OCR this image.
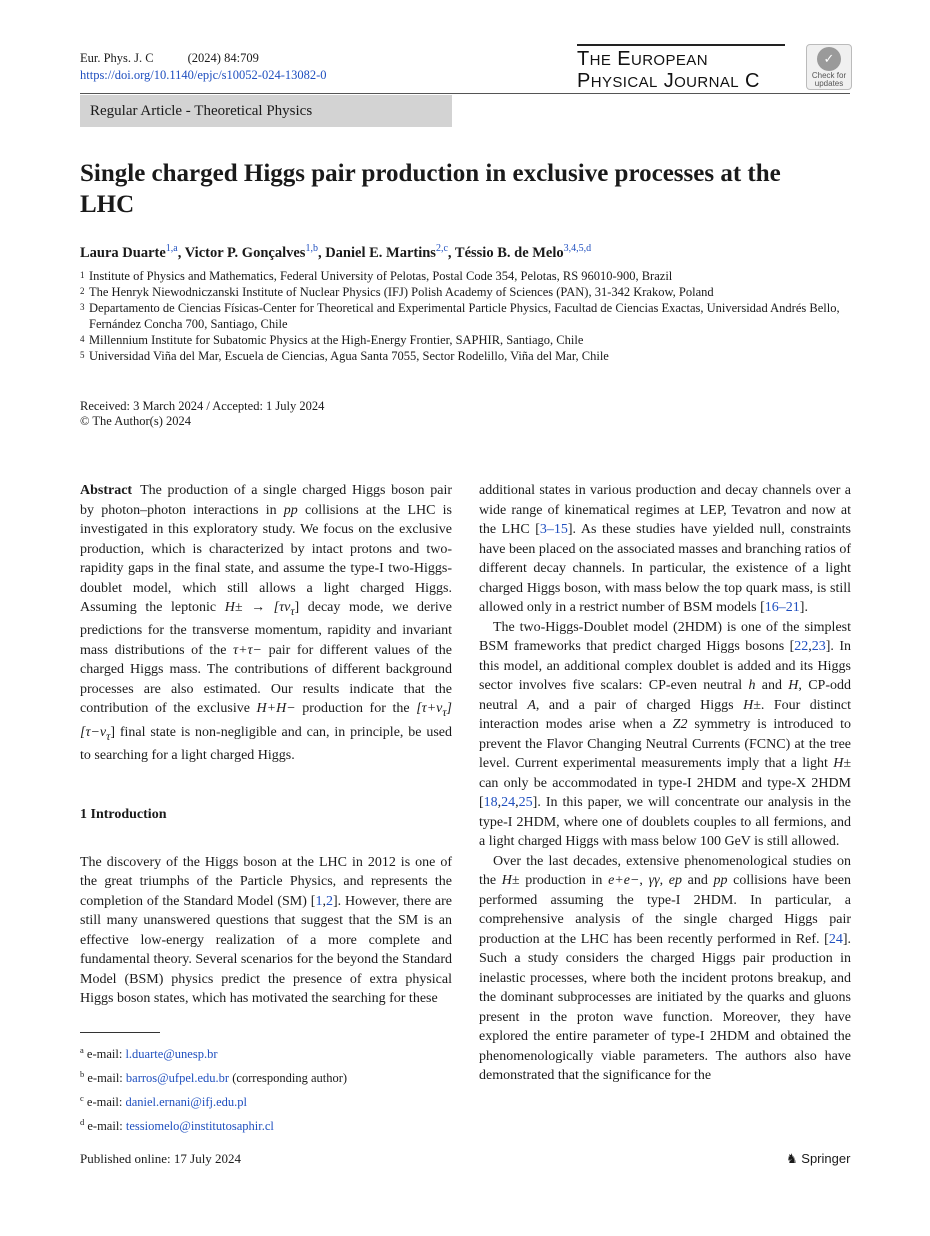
Eur. Phys. J. C	(2024) 84:709
https://doi.org/10.1140/epjc/s10052-024-13082-0
THE EUROPEAN
PHYSICAL JOURNAL C
✓
Check for updates
Regular Article - Theoretical Physics
Single charged Higgs pair production in exclusive processes at the LHC
Laura Duarte$^{1,a}$, Victor P. Gonçalves$^{1,b}$, Daniel E. Martins$^{2,c}$, Téssio B. de Melo$^{3,4,5,d}$
1 Institute of Physics and Mathematics, Federal University of Pelotas, Postal Code 354, Pelotas, RS 96010-900, Brazil
2 The Henryk Niewodniczanski Institute of Nuclear Physics (IFJ) Polish Academy of Sciences (PAN), 31-342 Krakow, Poland
3 Departamento de Ciencias Físicas-Center for Theoretical and Experimental Particle Physics, Facultad de Ciencias Exactas, Universidad Andrés Bello, Fernández Concha 700, Santiago, Chile
4 Millennium Institute for Subatomic Physics at the High-Energy Frontier, SAPHIR, Santiago, Chile
5 Universidad Viña del Mar, Escuela de Ciencias, Agua Santa 7055, Sector Rodelillo, Viña del Mar, Chile
Received: 3 March 2024 / Accepted: 1 July 2024
© The Author(s) 2024

Abstract The production of a single charged Higgs boson pair by photon–photon interactions in pp collisions at the LHC is investigated in this exploratory study. We focus on the exclusive production, which is characterized by intact protons and two-rapidity gaps in the final state, and assume the type-I two-Higgs-doublet model, which still allows a light charged Higgs. Assuming the leptonic $H\pm \to [\tau\nu_\tau]$ decay mode, we derive predictions for the transverse momentum, rapidity and invariant mass distributions of the τ+τ− pair for different values of the charged Higgs mass. The contributions of different background processes are also estimated. Our results indicate that the contribution of the exclusive H+H− production for the $[\tau+\nu_\tau][\tau-\nu_\tau]$ final state is non-negligible and can, in principle, be used to searching for a light charged Higgs.

1 Introduction

The discovery of the Higgs boson at the LHC in 2012 is one of the great triumphs of the Particle Physics, and represents the completion of the Standard Model (SM) [1,2]. However, there are still many unanswered questions that suggest that the SM is an effective low-energy realization of a more complete and fundamental theory. Several scenarios for the beyond the Standard Model (BSM) physics predict the presence of extra physical Higgs boson states, which has motivated the searching for these

additional states in various production and decay channels over a wide range of kinematical regimes at LEP, Tevatron and now at the LHC [3–15]. As these studies have yielded null, constraints have been placed on the associated masses and branching ratios of different decay channels. In particular, the existence of a light charged Higgs boson, with mass below the top quark mass, is still allowed only in a restrict number of BSM models [16–21].

The two-Higgs-Doublet model (2HDM) is one of the simplest BSM frameworks that predict charged Higgs bosons [22,23]. In this model, an additional complex doublet is added and its Higgs sector involves five scalars: CP-even neutral h and H, CP-odd neutral A, and a pair of charged Higgs H±. Four distinct interaction modes arise when a Z2 symmetry is introduced to prevent the Flavor Changing Neutral Currents (FCNC) at the tree level. Current experimental measurements imply that a light H± can only be accommodated in type-I 2HDM and type-X 2HDM [18,24,25]. In this paper, we will concentrate our analysis in the type-I 2HDM, where one of doublets couples to all fermions, and a light charged Higgs with mass below 100 GeV is still allowed.

Over the last decades, extensive phenomenological studies on the H± production in e+e−, γγ, ep and pp collisions have been performed assuming the type-I 2HDM. In particular, a comprehensive analysis of the single charged Higgs pair production at the LHC has been recently performed in Ref. [24]. Such a study considers the charged Higgs pair production in inelastic processes, where both the incident protons breakup, and the dominant subprocesses are initiated by the quarks and gluons present in the proton wave function. Moreover, they have explored the entire parameter of type-I 2HDM and obtained the phenomenologically viable parameters. The authors also have demonstrated that the significance for the

$^a$ e-mail: l.duarte@unesp.br
$^b$ e-mail: barros@ufpel.edu.br (corresponding author)
$^c$ e-mail: daniel.ernani@ifj.edu.pl
$^d$ e-mail: tessiomelo@institutosaphir.cl
Published online: 17 July 2024	♞ Springer
